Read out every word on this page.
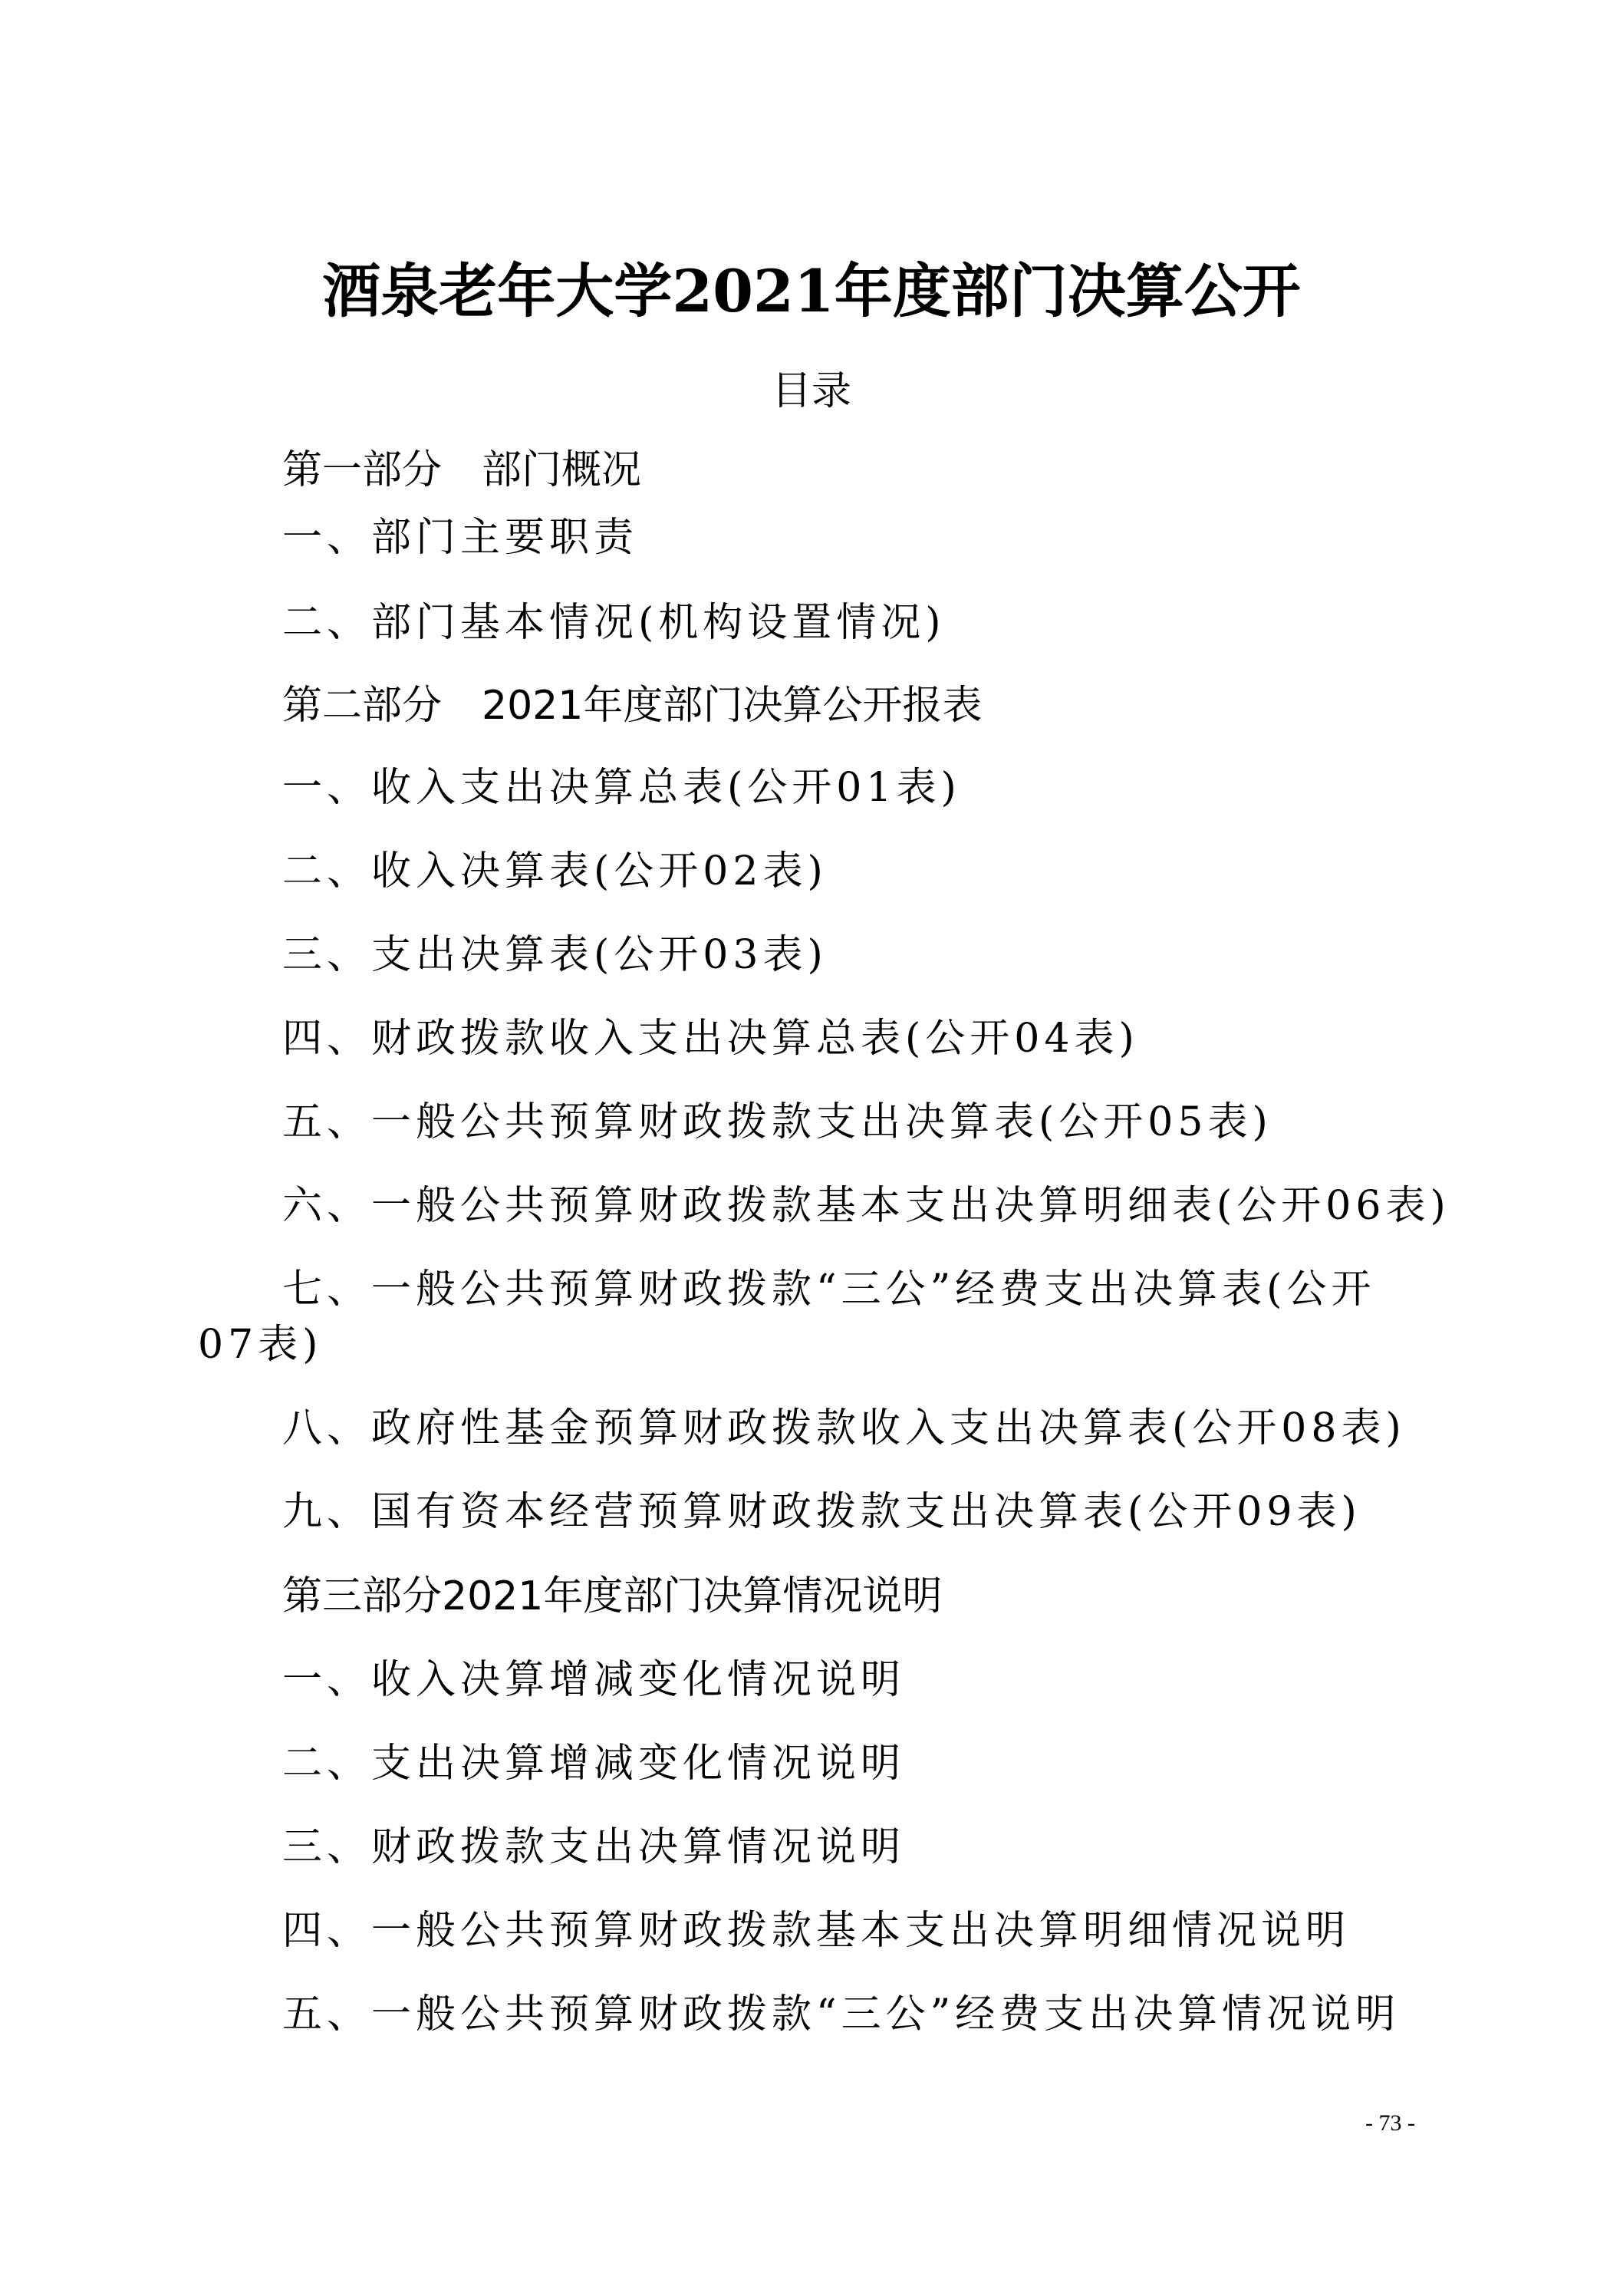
酒泉老年大学2021年度部门决算公开
目录
第一部分　部门概况
一、部门主要职责
二、部门基本情况(机构设置情况)
第二部分　2021年度部门决算公开报表
一、收入支出决算总表(公开01表)
二、收入决算表(公开02表)
三、支出决算表(公开03表)
四、财政拨款收入支出决算总表(公开04表)
五、一般公共预算财政拨款支出决算表(公开05表)
六、一般公共预算财政拨款基本支出决算明细表(公开06表)
七、一般公共预算财政拨款“三公”经费支出决算表(公开
07表)
八、政府性基金预算财政拨款收入支出决算表(公开08表)
九、国有资本经营预算财政拨款支出决算表(公开09表)
第三部分2021年度部门决算情况说明
一、收入决算增减变化情况说明
二、支出决算增减变化情况说明
三、财政拨款支出决算情况说明
四、一般公共预算财政拨款基本支出决算明细情况说明
五、一般公共预算财政拨款“三公”经费支出决算情况说明
- 73 -
